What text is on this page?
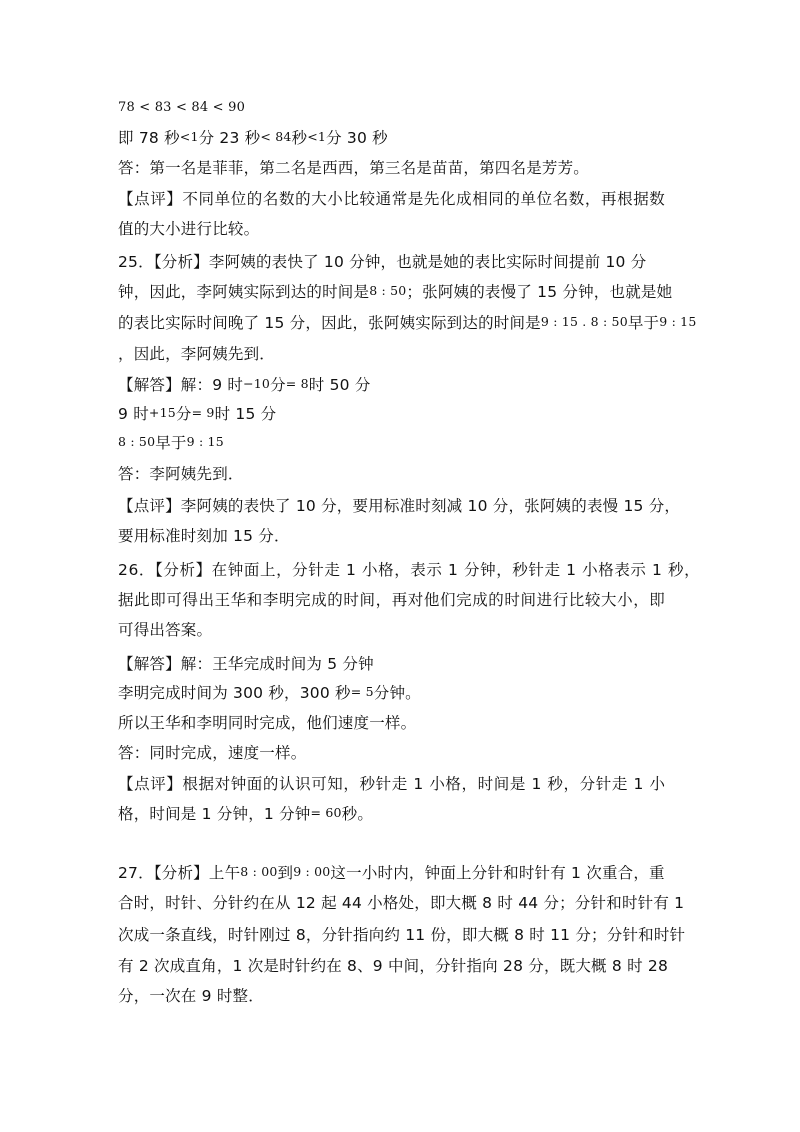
78 < 83 < 84 < 90
即 78 秒<1分 23 秒< 84秒<1分 30 秒
答：第一名是菲菲，第二名是西西，第三名是苗苗，第四名是芳芳。
【点评】不同单位的名数的大小比较通常是先化成相同的单位名数，再根据数
值的大小进行比较。
25．【分析】李阿姨的表快了 10 分钟，也就是她的表比实际时间提前 10 分
钟，因此，李阿姨实际到达的时间是8 : 50；张阿姨的表慢了 15 分钟，也就是她
的表比实际时间晚了 15 分，因此，张阿姨实际到达的时间是9 : 15 . 8 : 50早于9 : 15
，因此，李阿姨先到．
【解答】解：9 时−10分= 8时 50 分
9 时+15分= 9时 15 分
8 : 50早于9 : 15
答：李阿姨先到．
【点评】李阿姨的表快了 10 分，要用标准时刻减 10 分，张阿姨的表慢 15 分，
要用标准时刻加 15 分．
26．【分析】在钟面上，分针走 1 小格，表示 1 分钟，秒针走 1 小格表示 1 秒，
据此即可得出王华和李明完成的时间，再对他们完成的时间进行比较大小，即
可得出答案。
【解答】解：王华完成时间为 5 分钟
李明完成时间为 300 秒，300 秒= 5分钟。
所以王华和李明同时完成，他们速度一样。
答：同时完成，速度一样。
【点评】根据对钟面的认识可知，秒针走 1 小格，时间是 1 秒，分针走 1 小
格，时间是 1 分钟，1 分钟= 60秒。
27．【分析】上午8 : 00到9 : 00这一小时内，钟面上分针和时针有 1 次重合，重
合时，时针、分针约在从 12 起 44 小格处，即大概 8 时 44 分；分针和时针有 1
次成一条直线，时针刚过 8，分针指向约 11 份，即大概 8 时 11 分；分针和时针
有 2 次成直角，1 次是时针约在 8、9 中间，分针指向 28 分，既大概 8 时 28
分，一次在 9 时整．
